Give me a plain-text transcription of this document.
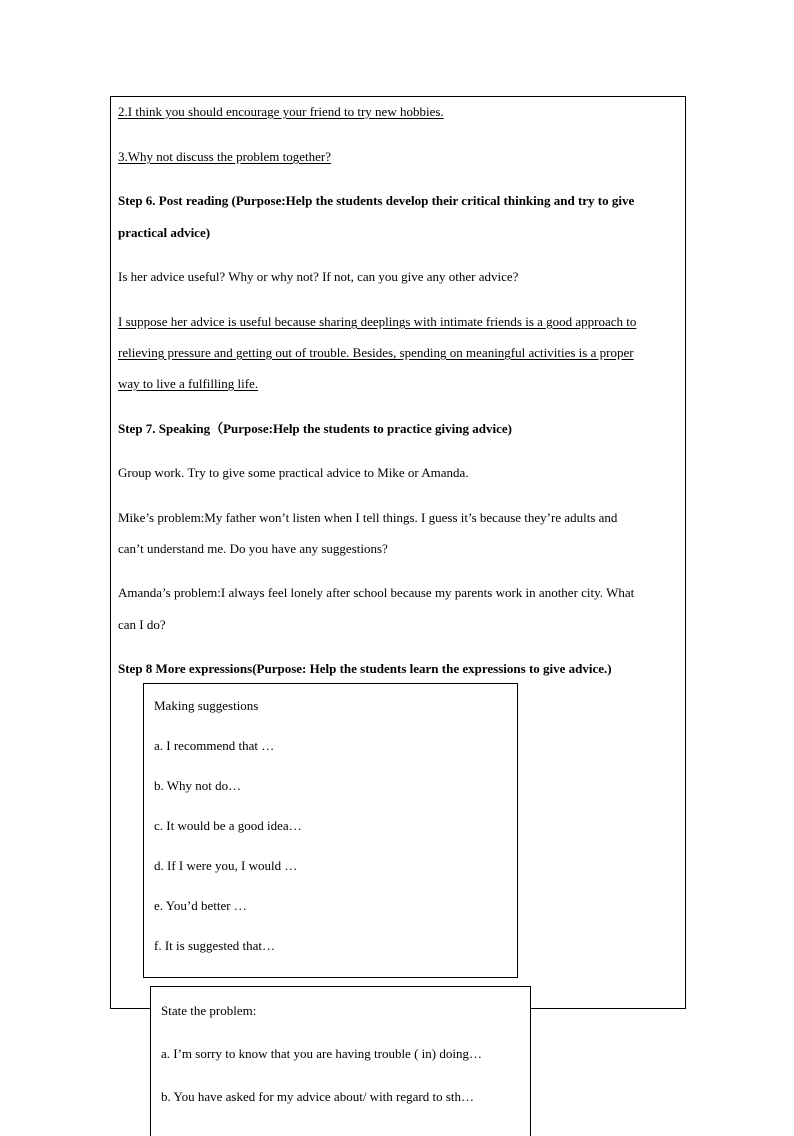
2.I think you should encourage your friend to try new hobbies.
3.Why not discuss the problem together?
Step 6. Post reading (Purpose:Help the students develop their critical thinking and try to give
practical advice)
Is her advice useful? Why or why not? If not, can you give any other advice?
I suppose her advice is useful because sharing deeplings with intimate friends is a good approach to
relieving pressure and getting out of trouble. Besides, spending on meaningful activities is a proper
way to live a fulfilling life.
Step 7. Speaking（Purpose:Help the students to practice giving advice)
Group work. Try to give some practical advice to Mike or Amanda.
Mike’s problem:My father won’t listen when I tell things. I guess it’s because they’re adults and
can’t understand me. Do you have any suggestions?
Amanda’s problem:I always feel lonely after school because my parents work in another city. What
can I do?
Step 8 More expressions(Purpose: Help the students learn the expressions to give advice.)
Making suggestions
a. I recommend that …
b. Why not do…
c. It would be a good idea…
d. If I were you, I would …
e. You’d better …
f. It is suggested that…
State the problem:
a. I’m sorry to know that you are having trouble ( in) doing…
b. You have asked for my advice about/ with regard to sth…
